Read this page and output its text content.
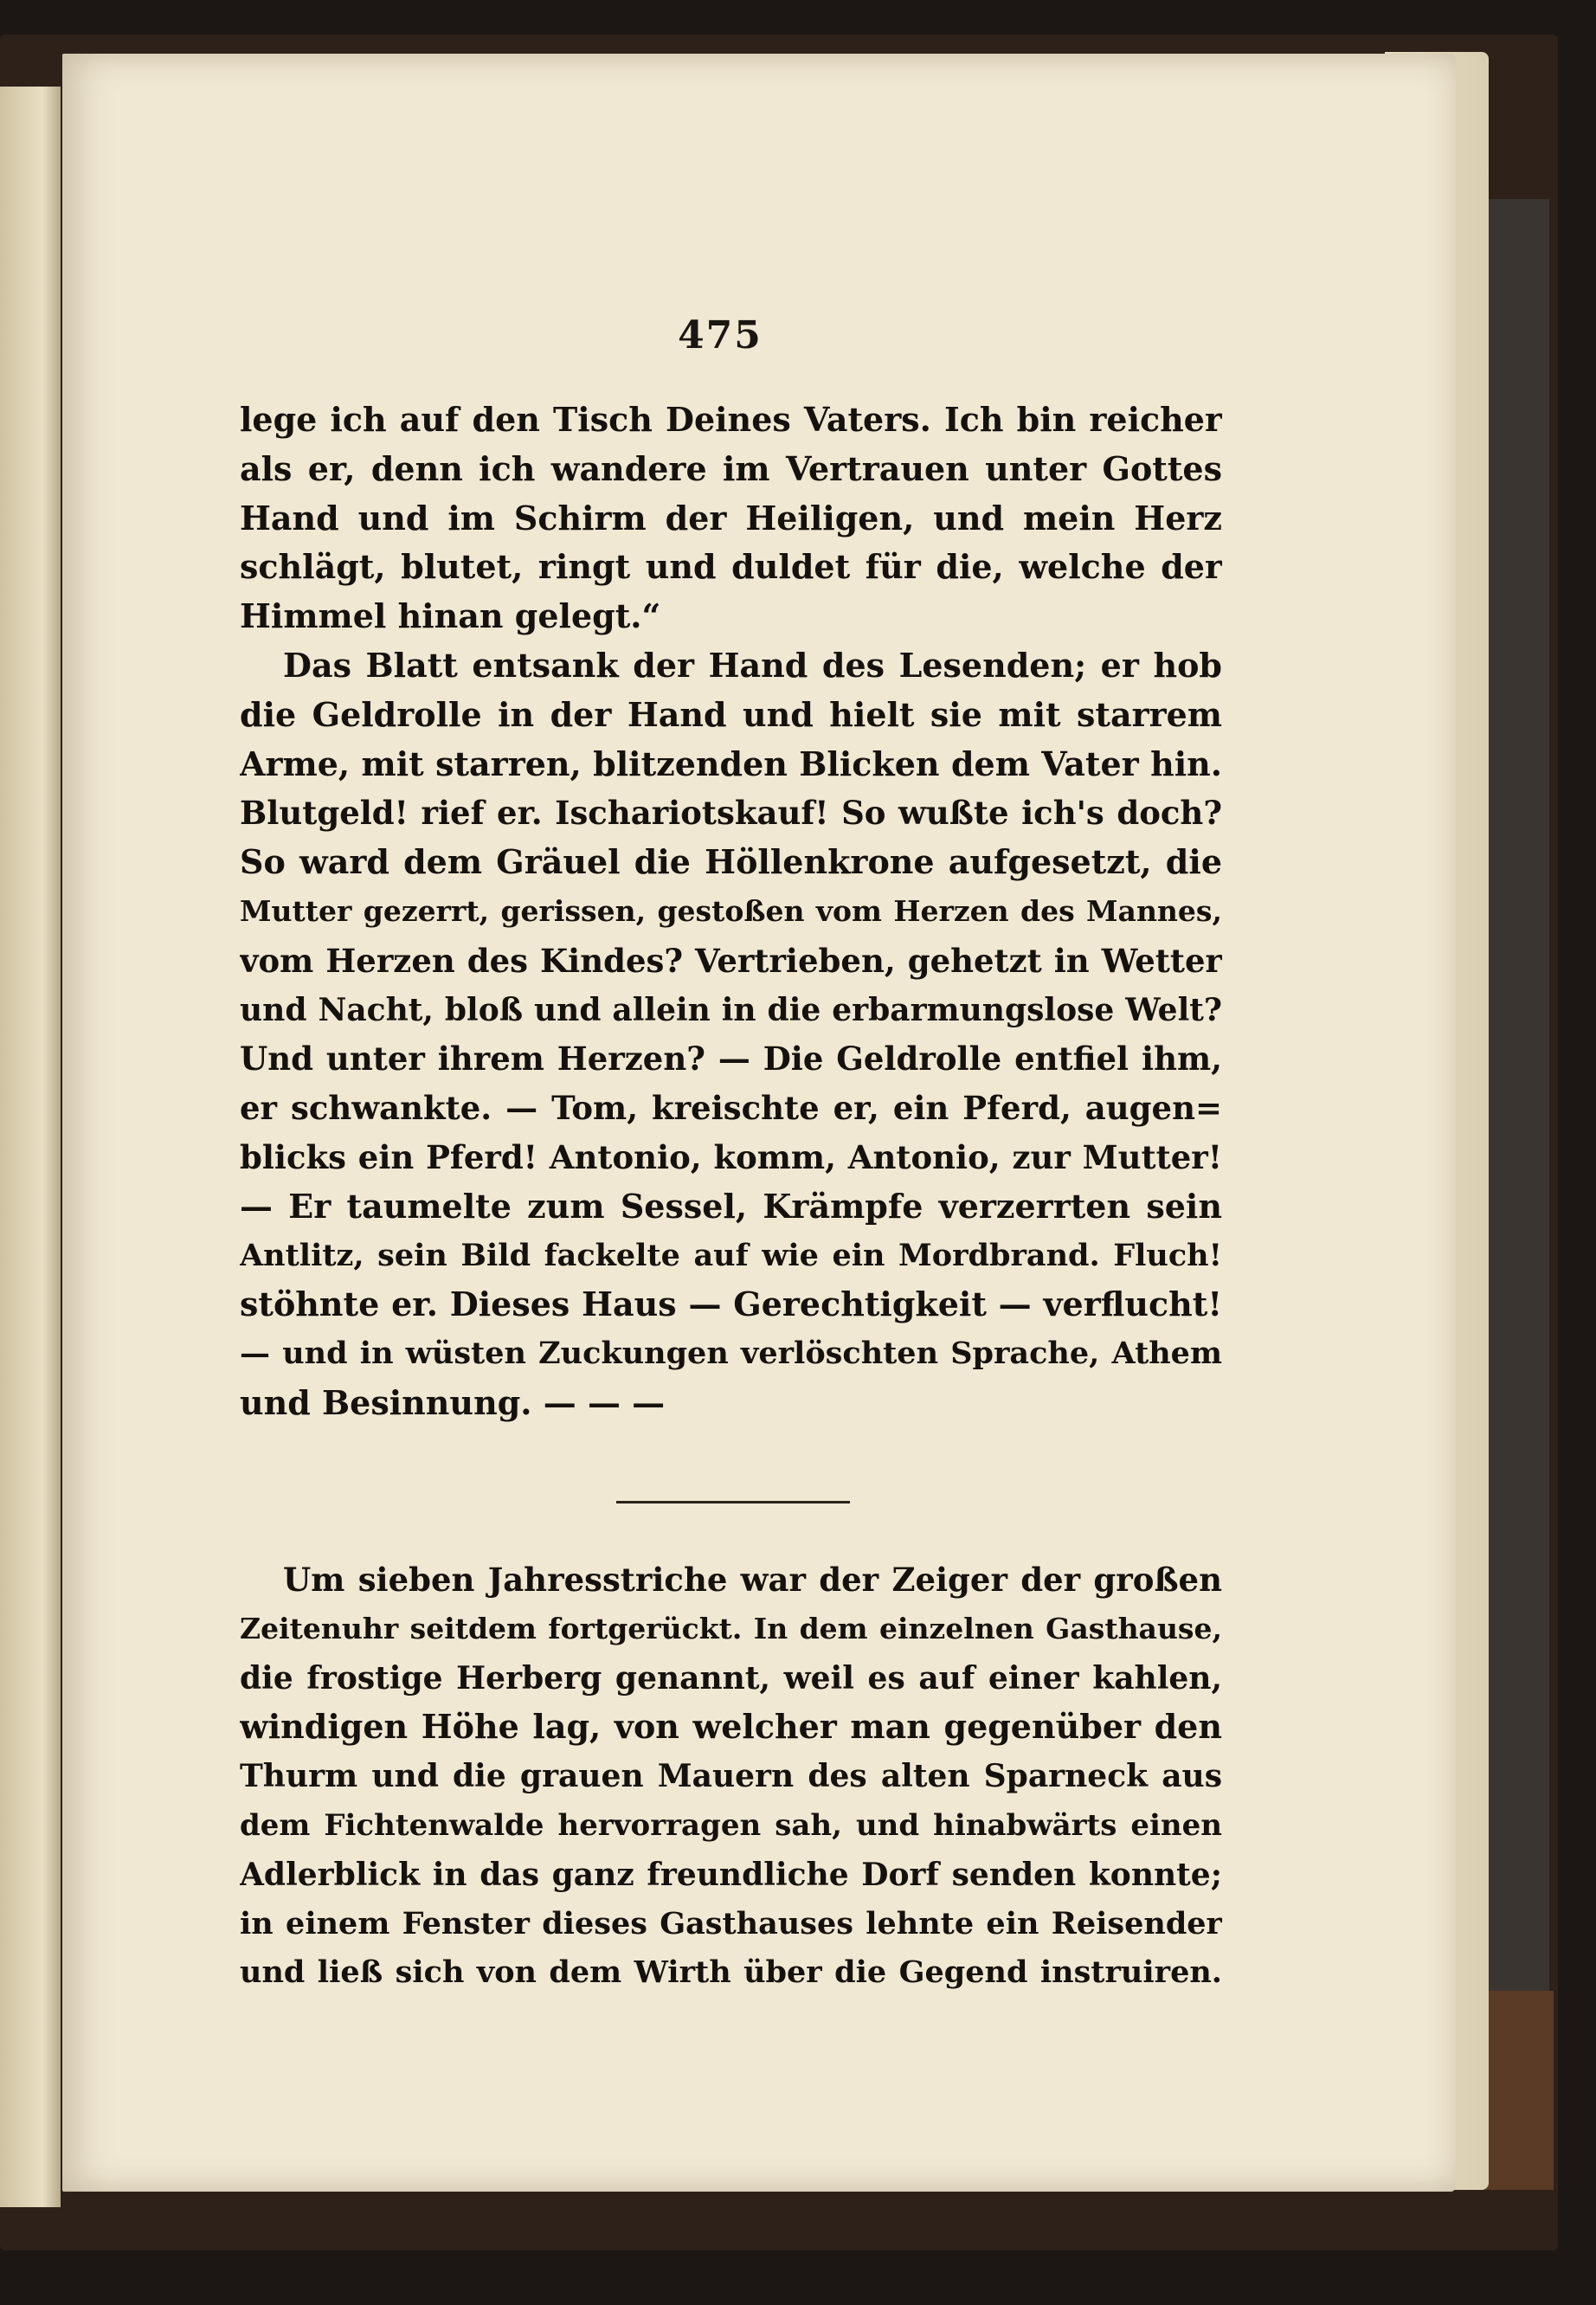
475
lege ich auf den Tisch Deines Vaters. Ich bin reicher
als er, denn ich wandere im Vertrauen unter Gottes
Hand und im Schirm der Heiligen, und mein Herz
schlägt, blutet, ringt und duldet für die, welche der
Himmel hinan gelegt.“
Das Blatt entsank der Hand des Lesenden; er hob
die Geldrolle in der Hand und hielt sie mit starrem
Arme, mit starren, blitzenden Blicken dem Vater hin.
Blutgeld! rief er. Ischariotskauf! So wußte ich's doch?
So ward dem Gräuel die Höllenkrone aufgesetzt, die
Mutter gezerrt, gerissen, gestoßen vom Herzen des Mannes,
vom Herzen des Kindes? Vertrieben, gehetzt in Wetter
und Nacht, bloß und allein in die erbarmungslose Welt?
Und unter ihrem Herzen? — Die Geldrolle entfiel ihm,
er schwankte. — Tom, kreischte er, ein Pferd, augen=
blicks ein Pferd! Antonio, komm, Antonio, zur Mutter!
— Er taumelte zum Sessel, Krämpfe verzerrten sein
Antlitz, sein Bild fackelte auf wie ein Mordbrand. Fluch!
stöhnte er. Dieses Haus — Gerechtigkeit — verflucht!
— und in wüsten Zuckungen verlöschten Sprache, Athem
und Besinnung. — — —
Um sieben Jahresstriche war der Zeiger der großen
Zeitenuhr seitdem fortgerückt. In dem einzelnen Gasthause,
die frostige Herberg genannt, weil es auf einer kahlen,
windigen Höhe lag, von welcher man gegenüber den
Thurm und die grauen Mauern des alten Sparneck aus
dem Fichtenwalde hervorragen sah, und hinabwärts einen
Adlerblick in das ganz freundliche Dorf senden konnte;
in einem Fenster dieses Gasthauses lehnte ein Reisender
und ließ sich von dem Wirth über die Gegend instruiren.
